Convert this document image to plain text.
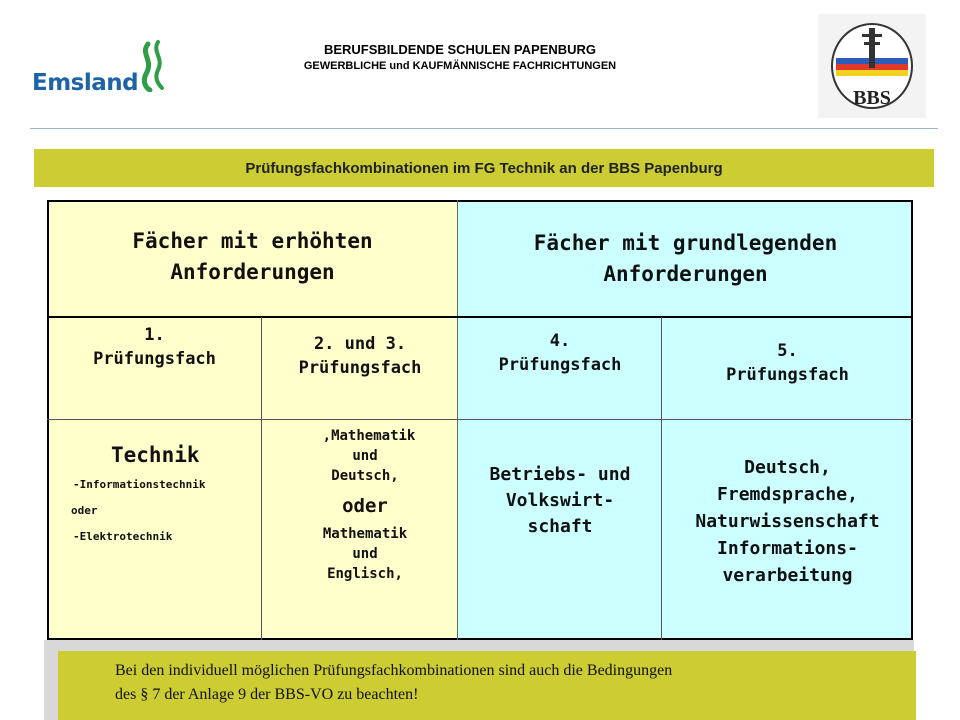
Emsland
BERUFSBILDENDE SCHULEN PAPENBURG
GEWERBLICHE und KAUFMÄNNISCHE FACHRICHTUNGEN
BBS
Prüfungsfachkombinationen im FG Technik an der BBS Papenburg
Fächer mit erhöhten
Anforderungen
Fächer mit grundlegenden
Anforderungen
1.
Prüfungsfach
2. und 3.
Prüfungsfach
4.
Prüfungsfach
5.
Prüfungsfach
Technik
-Informationstechnik
oder
-Elektrotechnik
,Mathematik
und
Deutsch,
oder
Mathematik
und
Englisch,
Betriebs- und
Volkswirt-
schaft
Deutsch,
Fremdsprache,
Naturwissenschaft
Informations-
verarbeitung
Bei den individuell möglichen Prüfungsfachkombinationen sind auch die Bedingungen
des § 7 der Anlage 9 der BBS-VO zu beachten!
